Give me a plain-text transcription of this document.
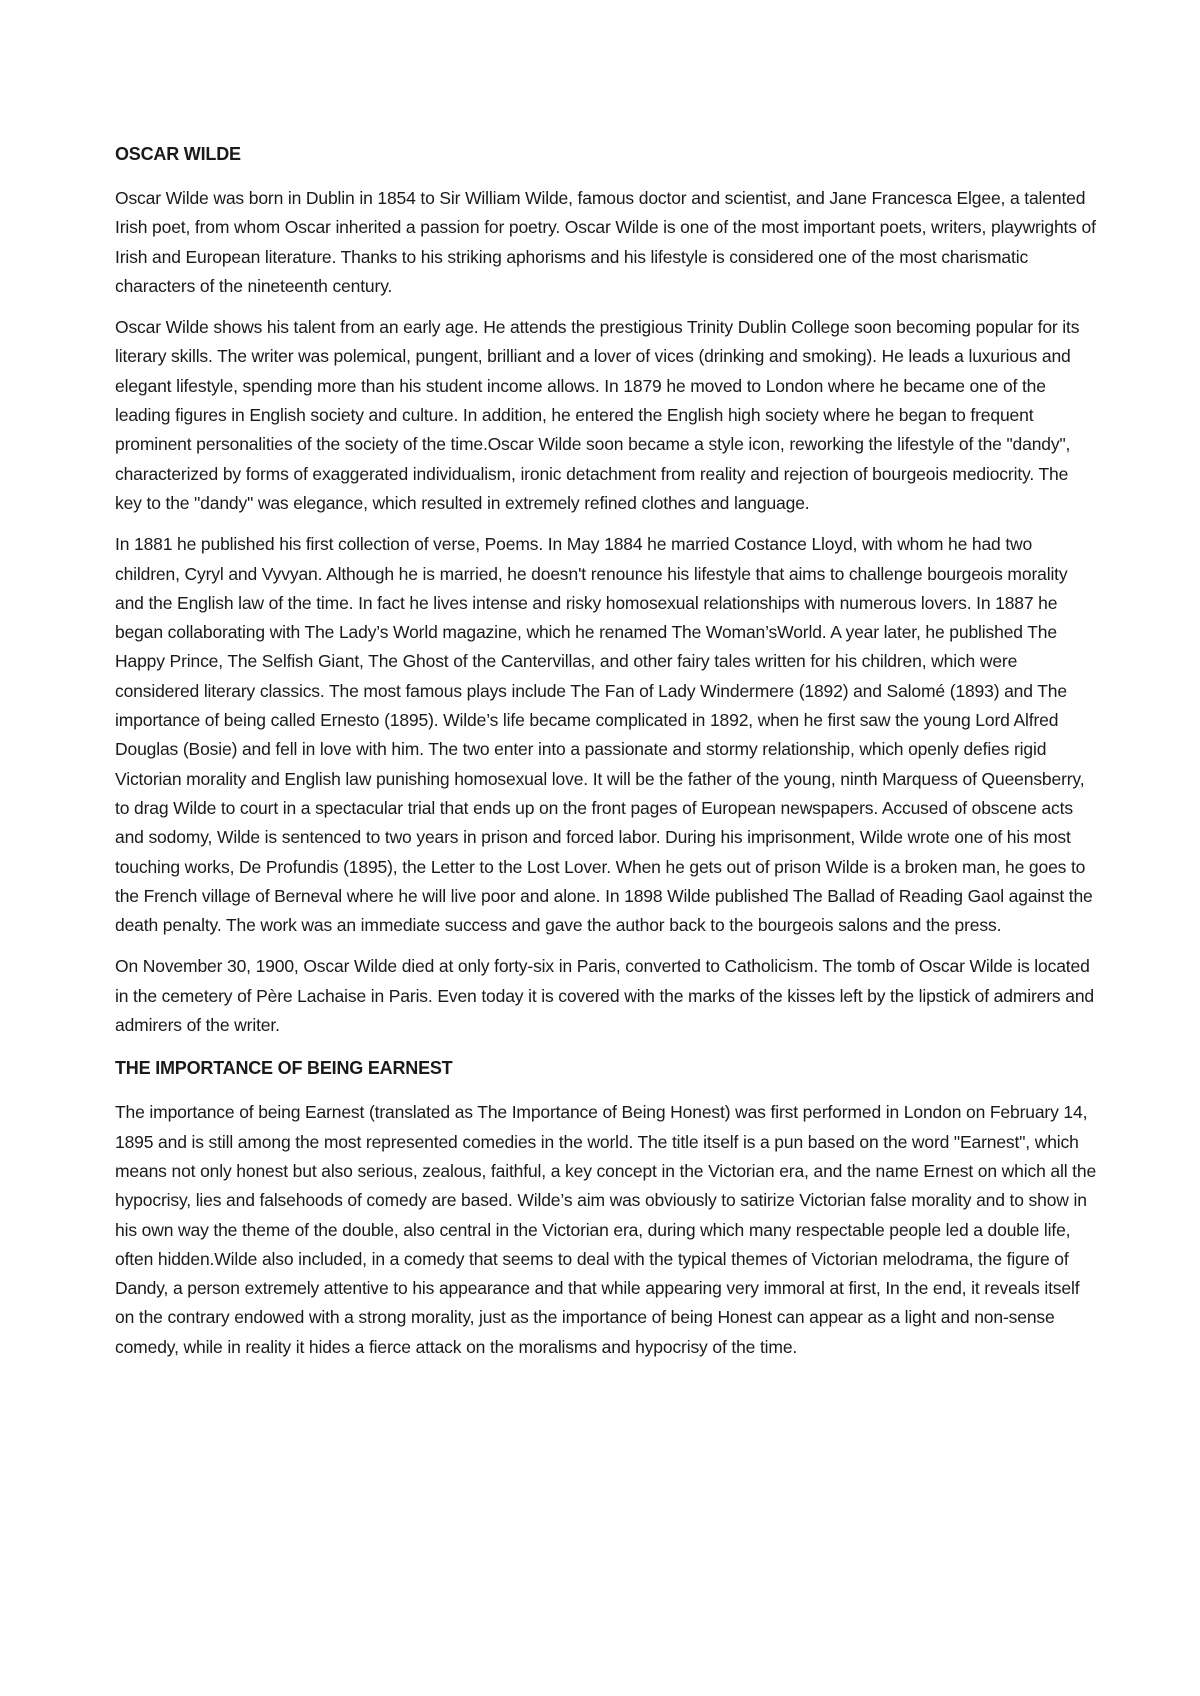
OSCAR WILDE

Oscar Wilde was born in Dublin in 1854 to Sir William Wilde, famous doctor and scientist, and Jane Francesca Elgee, a talented Irish poet, from whom Oscar inherited a passion for poetry. Oscar Wilde is one of the most important poets, writers, playwrights of Irish and European literature. Thanks to his striking aphorisms and his lifestyle is considered one of the most charismatic characters of the nineteenth century.

Oscar Wilde shows his talent from an early age. He attends the prestigious Trinity Dublin College soon becoming popular for its literary skills. The writer was polemical, pungent, brilliant and a lover of vices (drinking and smoking). He leads a luxurious and elegant lifestyle, spending more than his student income allows. In 1879 he moved to London where he became one of the leading figures in English society and culture. In addition, he entered the English high society where he began to frequent prominent personalities of the society of the time.Oscar Wilde soon became a style icon, reworking the lifestyle of the "dandy", characterized by forms of exaggerated individualism, ironic detachment from reality and rejection of bourgeois mediocrity. The key to the "dandy" was elegance, which resulted in extremely refined clothes and language.

In 1881 he published his first collection of verse, Poems. In May 1884 he married Costance Lloyd, with whom he had two children, Cyryl and Vyvyan. Although he is married, he doesn't renounce his lifestyle that aims to challenge bourgeois morality and the English law of the time. In fact he lives intense and risky homosexual relationships with numerous lovers. In 1887 he began collaborating with The Lady’s World magazine, which he renamed The Woman’sWorld. A year later, he published The Happy Prince, The Selfish Giant, The Ghost of the Cantervillas, and other fairy tales written for his children, which were considered literary classics. The most famous plays include The Fan of Lady Windermere (1892) and Salomé (1893) and The importance of being called Ernesto (1895). Wilde’s life became complicated in 1892, when he first saw the young Lord Alfred Douglas (Bosie) and fell in love with him. The two enter into a passionate and stormy relationship, which openly defies rigid Victorian morality and English law punishing homosexual love. It will be the father of the young, ninth Marquess of Queensberry, to drag Wilde to court in a spectacular trial that ends up on the front pages of European newspapers. Accused of obscene acts and sodomy, Wilde is sentenced to two years in prison and forced labor. During his imprisonment, Wilde wrote one of his most touching works, De Profundis (1895), the Letter to the Lost Lover. When he gets out of prison Wilde is a broken man, he goes to the French village of Berneval where he will live poor and alone. In 1898 Wilde published The Ballad of Reading Gaol against the death penalty. The work was an immediate success and gave the author back to the bourgeois salons and the press.

On November 30, 1900, Oscar Wilde died at only forty-six in Paris, converted to Catholicism. The tomb of Oscar Wilde is located in the cemetery of Père Lachaise in Paris. Even today it is covered with the marks of the kisses left by the lipstick of admirers and admirers of the writer.

THE IMPORTANCE OF BEING EARNEST

The importance of being Earnest (translated as The Importance of Being Honest) was first performed in London on February 14, 1895 and is still among the most represented comedies in the world. The title itself is a pun based on the word "Earnest", which means not only honest but also serious, zealous, faithful, a key concept in the Victorian era, and the name Ernest on which all the hypocrisy, lies and falsehoods of comedy are based. Wilde’s aim was obviously to satirize Victorian false morality and to show in his own way the theme of the double, also central in the Victorian era, during which many respectable people led a double life, often hidden.Wilde also included, in a comedy that seems to deal with the typical themes of Victorian melodrama, the figure of Dandy, a person extremely attentive to his appearance and that while appearing very immoral at first, In the end, it reveals itself on the contrary endowed with a strong morality, just as the importance of being Honest can appear as a light and non-sense comedy, while in reality it hides a fierce attack on the moralisms and hypocrisy of the time.
